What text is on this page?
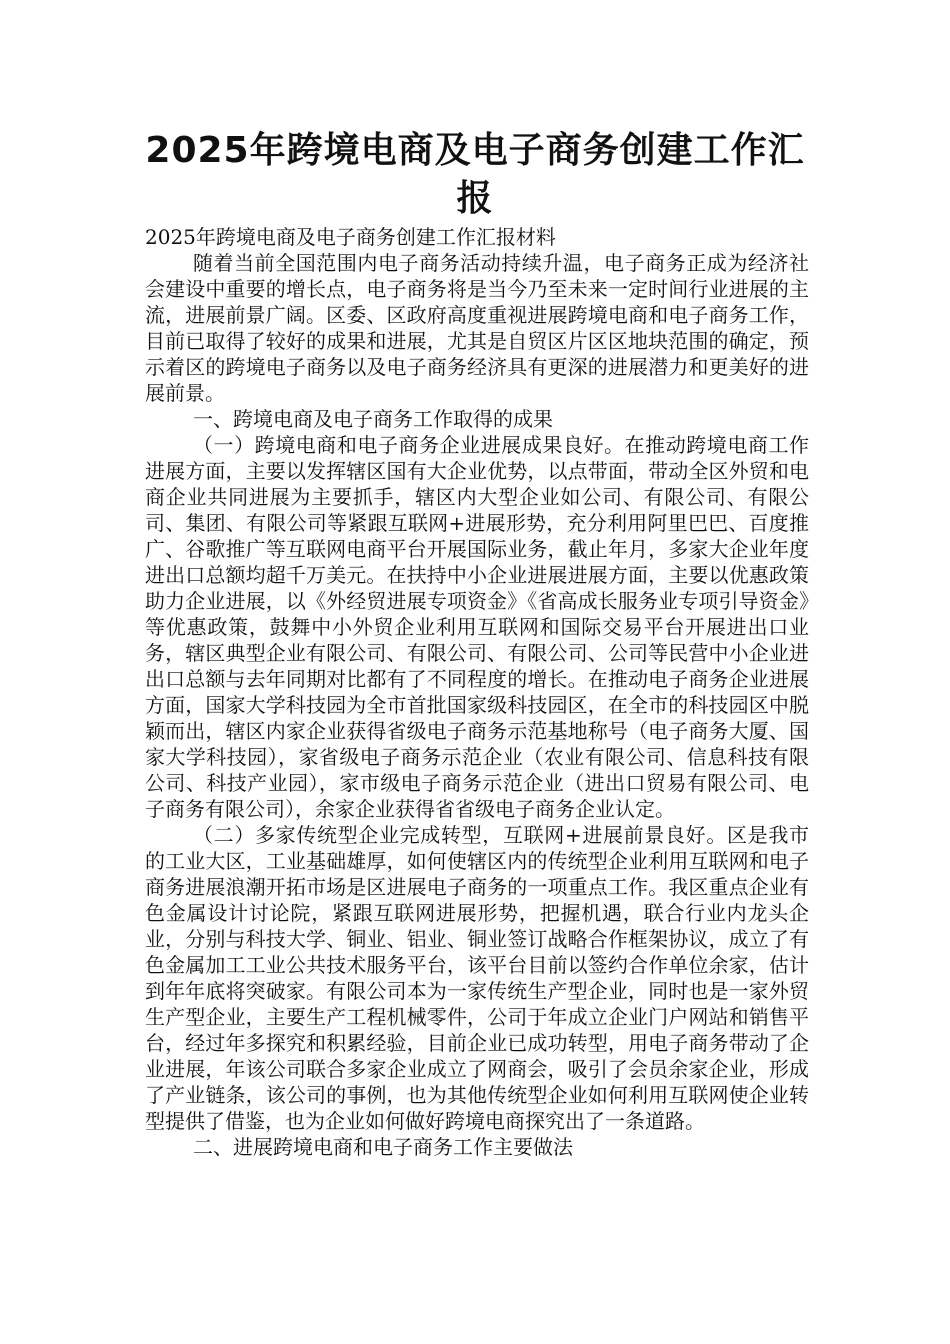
2025年跨境电商及电子商务创建工作汇报

2025年跨境电商及电子商务创建工作汇报材料

随着当前全国范围内电子商务活动持续升温，电子商务正成为经济社会建设中重要的增长点，电子商务将是当今乃至未来一定时间行业进展的主流，进展前景广阔。区委、区政府高度重视进展跨境电商和电子商务工作，目前已取得了较好的成果和进展，尤其是自贸区片区区地块范围的确定，预示着区的跨境电子商务以及电子商务经济具有更深的进展潜力和更美好的进展前景。

一、跨境电商及电子商务工作取得的成果

（一）跨境电商和电子商务企业进展成果良好。在推动跨境电商工作进展方面，主要以发挥辖区国有大企业优势，以点带面，带动全区外贸和电商企业共同进展为主要抓手，辖区内大型企业如公司、有限公司、有限公司、集团、有限公司等紧跟互联网+进展形势，充分利用阿里巴巴、百度推广、谷歌推广等互联网电商平台开展国际业务，截止年月，多家大企业年度进出口总额均超千万美元。在扶持中小企业进展进展方面，主要以优惠政策助力企业进展，以《外经贸进展专项资金》《省高成长服务业专项引导资金》等优惠政策，鼓舞中小外贸企业利用互联网和国际交易平台开展进出口业务，辖区典型企业有限公司、有限公司、有限公司、公司等民营中小企业进出口总额与去年同期对比都有了不同程度的增长。在推动电子商务企业进展方面，国家大学科技园为全市首批国家级科技园区，在全市的科技园区中脱颖而出，辖区内家企业获得省级电子商务示范基地称号（电子商务大厦、国家大学科技园），家省级电子商务示范企业（农业有限公司、信息科技有限公司、科技产业园），家市级电子商务示范企业（进出口贸易有限公司、电子商务有限公司），余家企业获得省省级电子商务企业认定。

（二）多家传统型企业完成转型，互联网+进展前景良好。区是我市的工业大区，工业基础雄厚，如何使辖区内的传统型企业利用互联网和电子商务进展浪潮开拓市场是区进展电子商务的一项重点工作。我区重点企业有色金属设计讨论院，紧跟互联网进展形势，把握机遇，联合行业内龙头企业，分别与科技大学、铜业、铝业、铜业签订战略合作框架协议，成立了有色金属加工工业公共技术服务平台，该平台目前以签约合作单位余家，估计到年年底将突破家。有限公司本为一家传统生产型企业，同时也是一家外贸生产型企业，主要生产工程机械零件，公司于年成立企业门户网站和销售平台，经过年多探究和积累经验，目前企业已成功转型，用电子商务带动了企业进展，年该公司联合多家企业成立了网商会，吸引了会员余家企业，形成了产业链条，该公司的事例，也为其他传统型企业如何利用互联网使企业转型提供了借鉴，也为企业如何做好跨境电商探究出了一条道路。

二、进展跨境电商和电子商务工作主要做法
